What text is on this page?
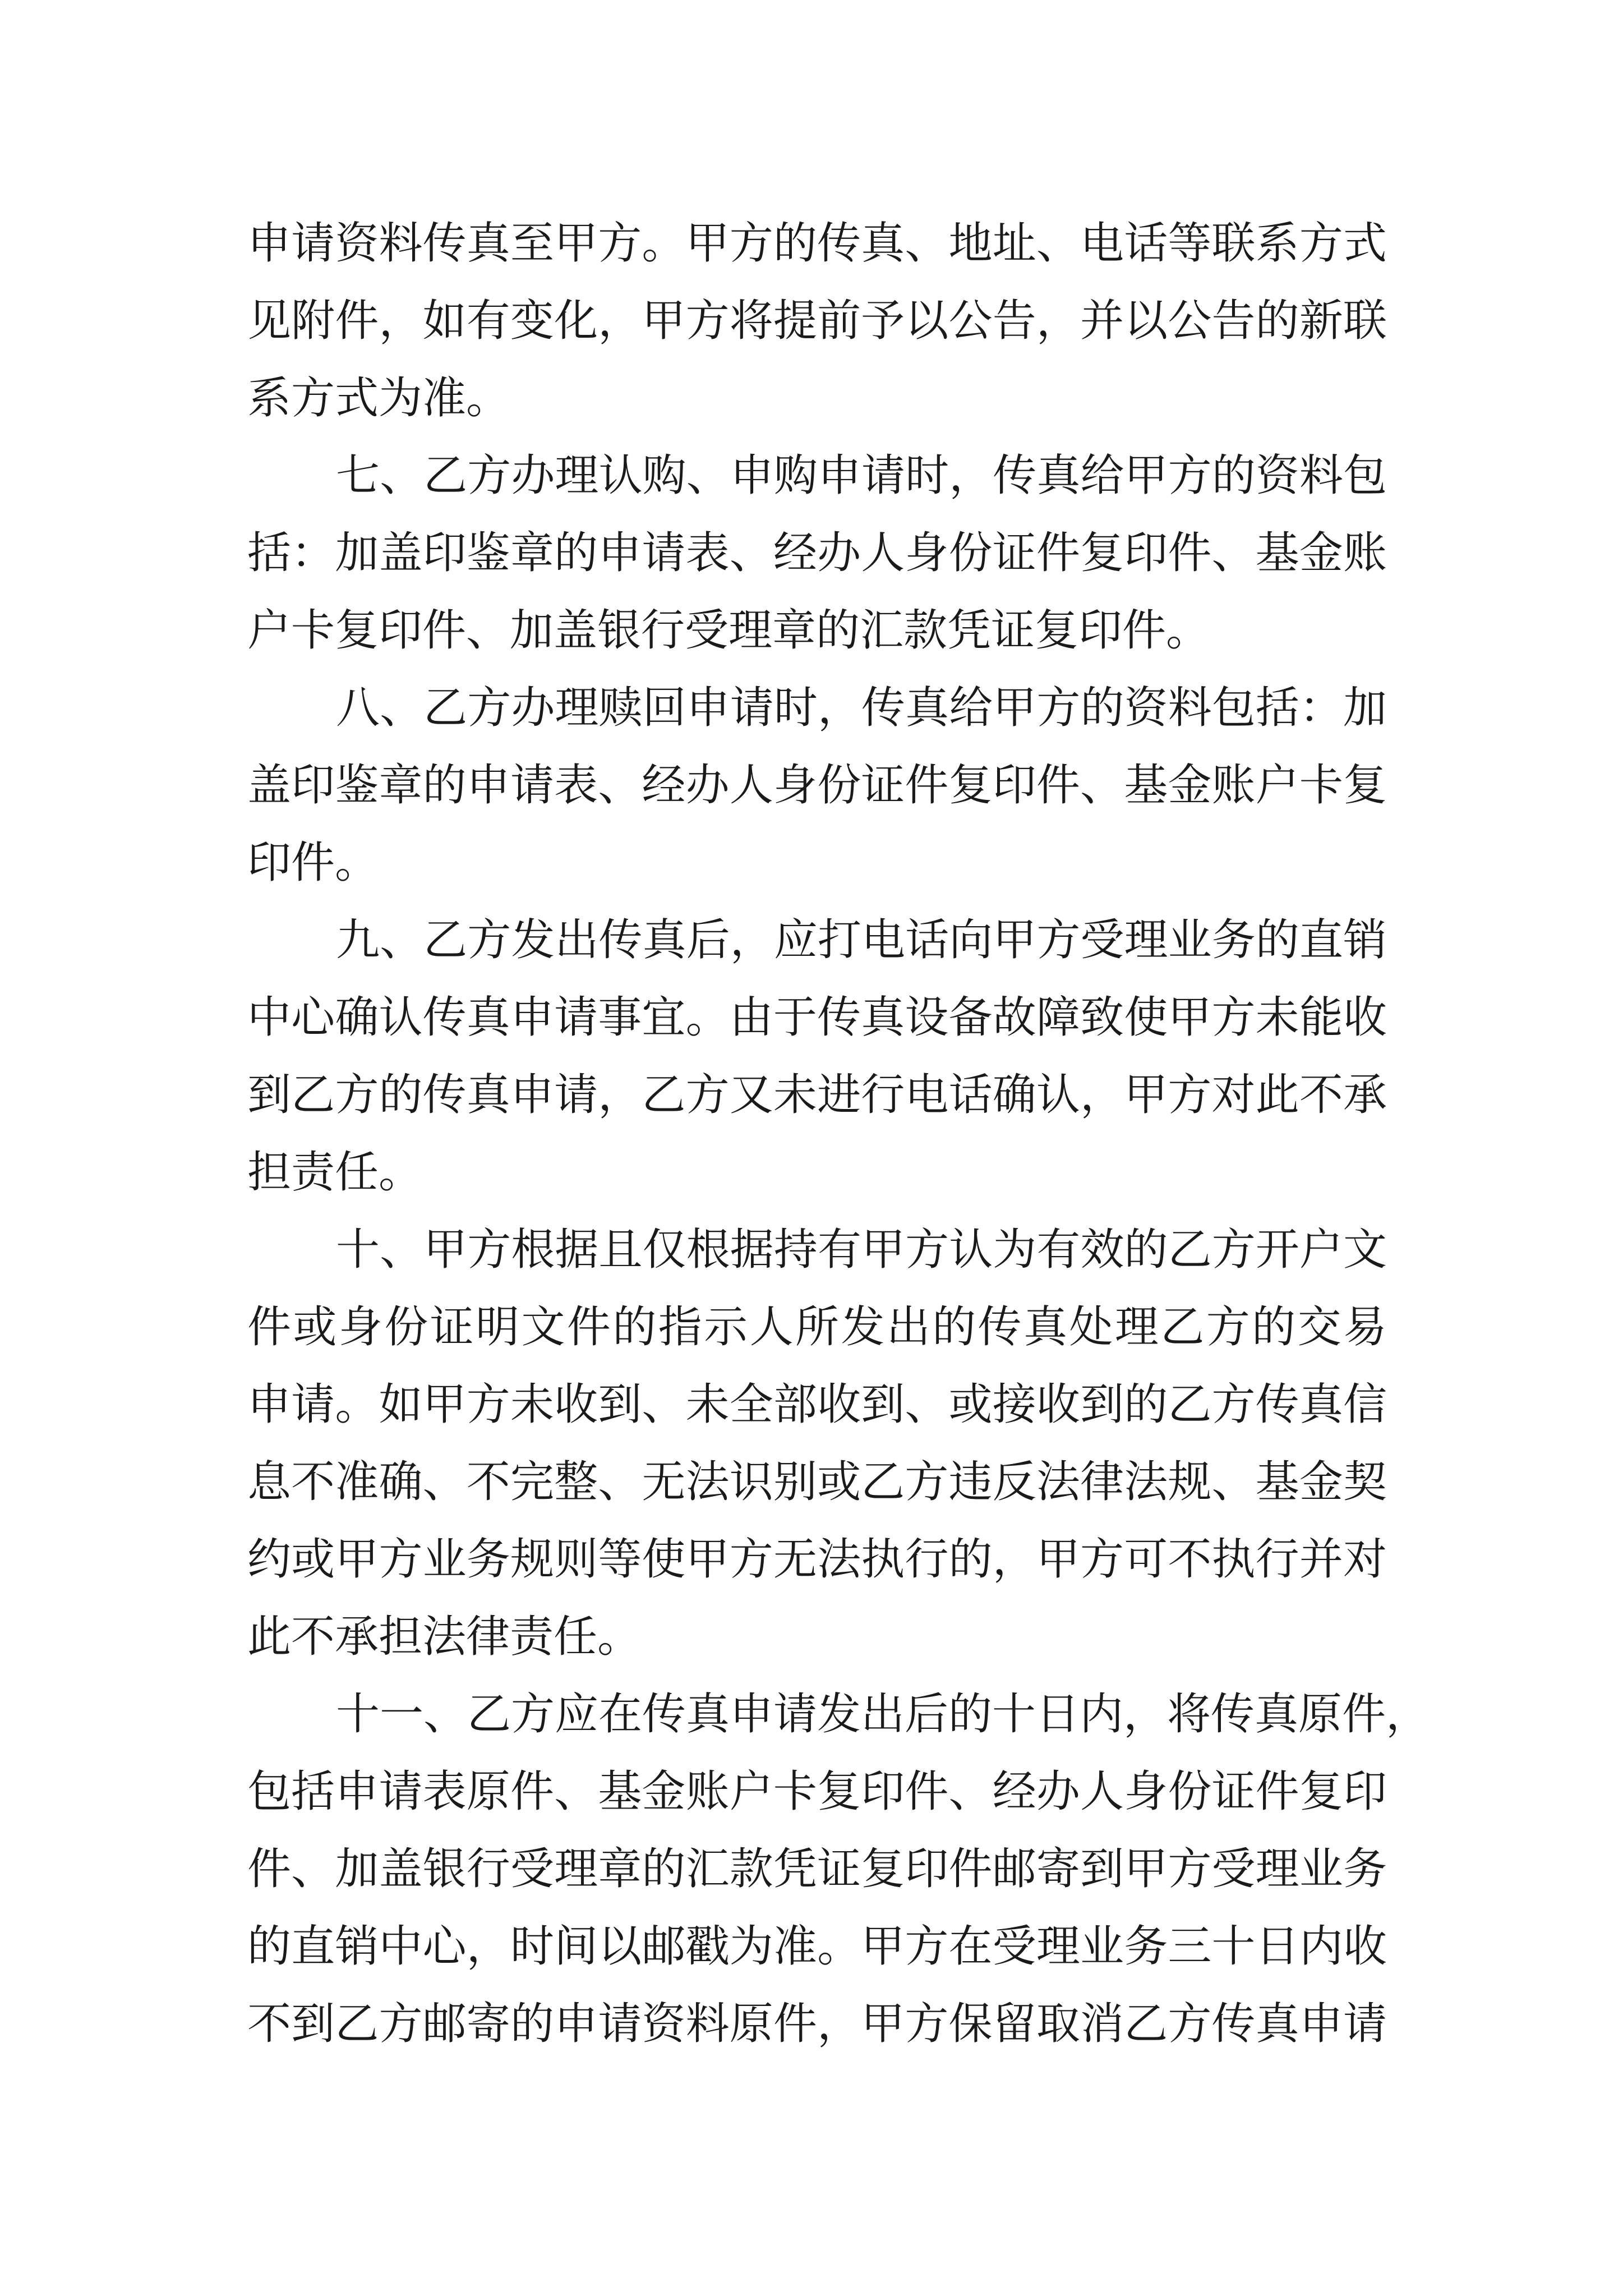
申请资料传真至甲方。甲方的传真、地址、电话等联系方式
见附件，如有变化，甲方将提前予以公告，并以公告的新联
系方式为准。
七、乙方办理认购、申购申请时，传真给甲方的资料包
括：加盖印鉴章的申请表、经办人身份证件复印件、基金账
户卡复印件、加盖银行受理章的汇款凭证复印件。
八、乙方办理赎回申请时，传真给甲方的资料包括：加
盖印鉴章的申请表、经办人身份证件复印件、基金账户卡复
印件。
九、乙方发出传真后，应打电话向甲方受理业务的直销
中心确认传真申请事宜。由于传真设备故障致使甲方未能收
到乙方的传真申请，乙方又未进行电话确认，甲方对此不承
担责任。
十、甲方根据且仅根据持有甲方认为有效的乙方开户文
件或身份证明文件的指示人所发出的传真处理乙方的交易
申请。如甲方未收到、未全部收到、或接收到的乙方传真信
息不准确、不完整、无法识别或乙方违反法律法规、基金契
约或甲方业务规则等使甲方无法执行的，甲方可不执行并对
此不承担法律责任。
十一、乙方应在传真申请发出后的十日内，将传真原件，
包括申请表原件、基金账户卡复印件、经办人身份证件复印
件、加盖银行受理章的汇款凭证复印件邮寄到甲方受理业务
的直销中心，时间以邮戳为准。甲方在受理业务三十日内收
不到乙方邮寄的申请资料原件，甲方保留取消乙方传真申请
